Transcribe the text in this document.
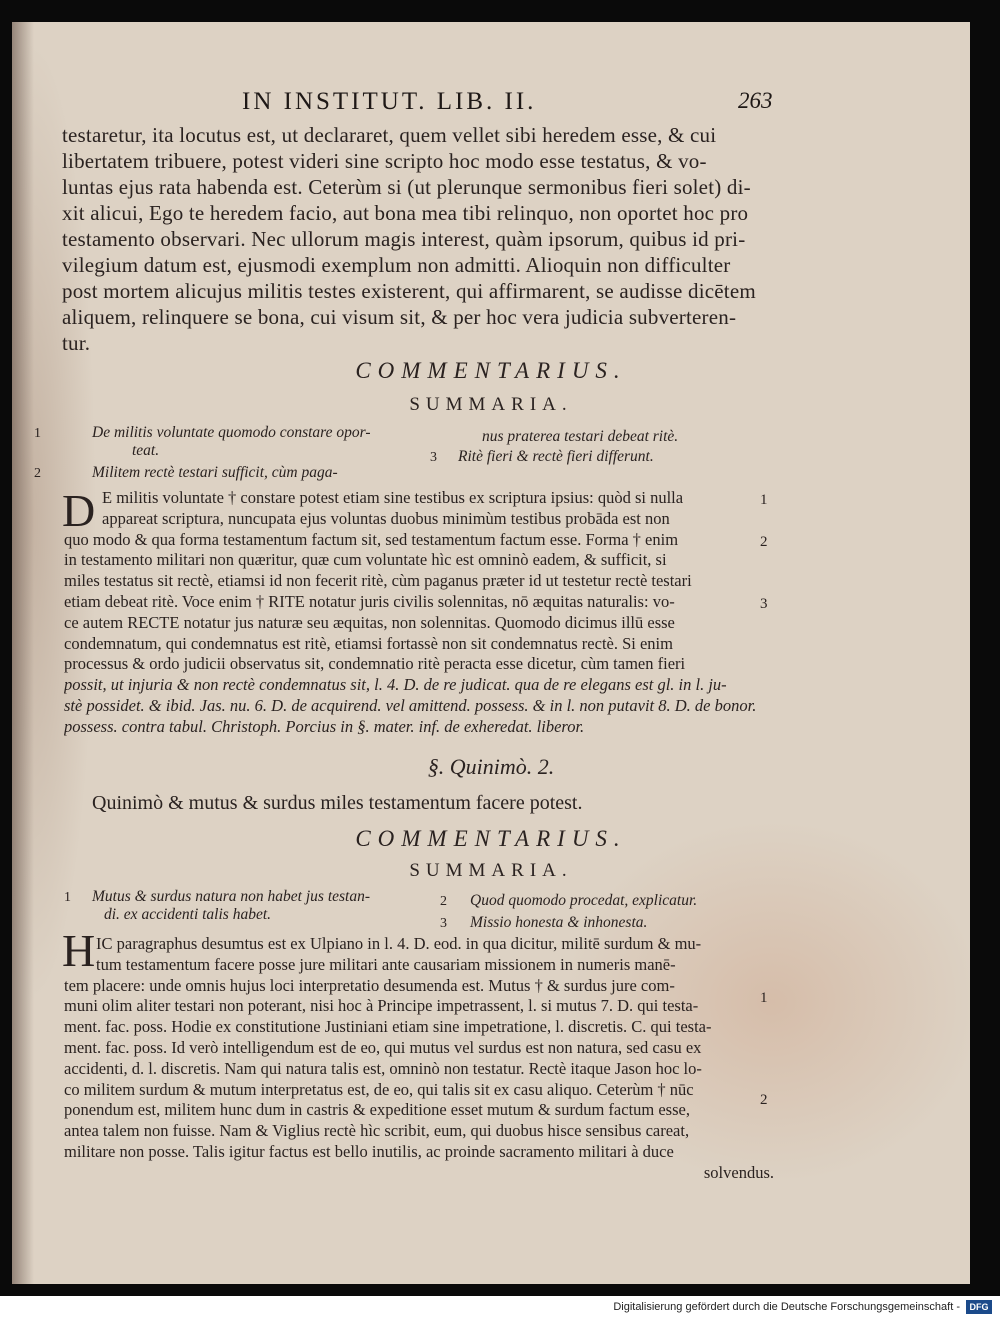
IN INSTITUT. LIB. II.	263
testaretur, ita locutus est, ut declararet, quem vellet sibi heredem esse, & cui
libertatem tribuere, potest videri sine scripto hoc modo esse testatus, & vo-
luntas ejus rata habenda est. Ceterùm si (ut plerunque sermonibus fieri solet) di-
xit alicui, Ego te heredem facio, aut bona mea tibi relinquo, non oportet hoc pro
testamento observari. Nec ullorum magis interest, quàm ipsorum, quibus id pri-
vilegium datum est, ejusmodi exemplum non admitti. Alioquin non difficulter
post mortem alicujus militis testes existerent, qui affirmarent, se audisse dicētem
aliquem, relinquere se bona, cui visum sit, & per hoc vera judicia subverteren-
tur.
COMMENTARIUS.
SUMMARIA.
1	De militis voluntate quomodo constare opor-
teat.
2	Militem rectè testari sufficit, cùm paga-
nus praterea testari debeat ritè.
3 Ritè fieri & rectè fieri differunt.
D E militis voluntate † constare potest etiam sine testibus ex scriptura ipsius: quòd si nulla
appareat scriptura, nuncupata ejus voluntas duobus minimùm testibus probāda est non
quo modo & qua forma testamentum factum sit, sed testamentum factum esse. Forma † enim
in testamento militari non quæritur, quæ cum voluntate hìc est omninò eadem, & sufficit, si
miles testatus sit rectè, etiamsi id non fecerit ritè, cùm paganus præter id ut testetur rectè testari
etiam debeat ritè. Voce enim † RITE notatur juris civilis solennitas, nō æquitas naturalis: vo-
ce autem RECTE notatur jus naturæ seu æquitas, non solennitas. Quomodo dicimus illū esse
condemnatum, qui condemnatus est ritè, etiamsi fortassè non sit condemnatus rectè. Si enim
processus & ordo judicii observatus sit, condemnatio ritè peracta esse dicetur, cùm tamen fieri
possit, ut injuria & non rectè condemnatus sit, l. 4. D. de re judicat. qua de re elegans est gl. in l. ju-
stè possidet. & ibid. Jas. nu. 6. D. de acquirend. vel amittend. possess. & in l. non putavit 8. D. de bonor.
possess. contra tabul. Christoph. Porcius in §. mater. inf. de exheredat. liberor.
1
2
3
§. Quinimò. 2.
Quinimò & mutus & surdus miles testamentum facere potest.
COMMENTARIUS.
SUMMARIA.
1 Mutus & surdus natura non habet jus testan-
di. ex accidenti talis habet.
2 Quod quomodo procedat, explicatur.
3 Missio honesta & inhonesta.
H IC paragraphus desumtus est ex Ulpiano in l. 4. D. eod. in qua dicitur, militē surdum & mu-
tum testamentum facere posse jure militari ante causariam missionem in numeris manē-
tem placere: unde omnis hujus loci interpretatio desumenda est. Mutus † & surdus jure com-
muni olim aliter testari non poterant, nisi hoc à Principe impetrassent, l. si mutus 7. D. qui testa-
ment. fac. poss. Hodie ex constitutione Justiniani etiam sine impetratione, l. discretis. C. qui testa-
ment. fac. poss. Id verò intelligendum est de eo, qui mutus vel surdus est non natura, sed casu ex
accidenti, d. l. discretis. Nam qui natura talis est, omninò non testatur. Rectè itaque Jason hoc lo-
co militem surdum & mutum interpretatus est, de eo, qui talis sit ex casu aliquo. Ceterùm † nūc
ponendum est, militem hunc dum in castris & expeditione esset mutum & surdum factum esse,
antea talem non fuisse. Nam & Viglius rectè hìc scribit, eum, qui duobus hisce sensibus careat,
militare non posse. Talis igitur factus est bello inutilis, ac proinde sacramento militari à duce
solvendus.
1
2
Digitalisierung gefördert durch die Deutsche Forschungsgemeinschaft -	DFG
